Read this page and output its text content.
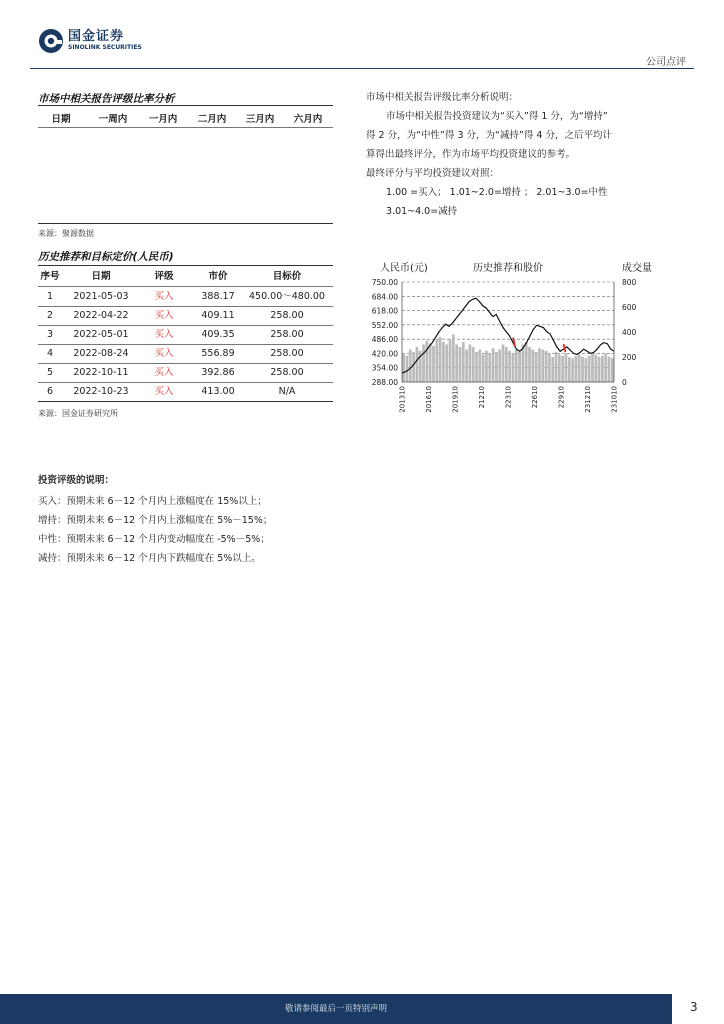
国金证券
SINOLINK SECURITIES
公司点评
市场中相关报告评级比率分析
日期	一周内	一月内	二月内	三月内	六月内
来源：聚源数据
市场中相关报告评级比率分析说明：
市场中相关报告投资建议为“买入”得 1 分，为“增持”
得 2 分，为“中性”得 3 分，为“减持”得 4 分，之后平均计
算得出最终评分，作为市场平均投资建议的参考。
最终评分与平均投资建议对照：
1.00 =买入； 1.01~2.0=增持 ； 2.01~3.0=中性
3.01~4.0=减持
历史推荐和目标定价(人民币)
序号	日期	评级	市价	目标价
1	2021-05-03	买入	388.17	450.00～480.00
2	2022-04-22	买入	409.11	258.00
3	2022-05-01	买入	409.35	258.00
4	2022-08-24	买入	556.89	258.00
5	2022-10-11	买入	392.86	258.00
6	2022-10-23	买入	413.00	N/A
来源：国金证券研究所
人民币(元)	历史推荐和股价	成交量
750.00
684.00
618.00
552.00
486.00
420.00
354.00
288.00
800
600
400
200
0
201310	201610	201910	21210	22310	22610	22910	231210	231010
投资评级的说明：
买入：预期未来 6－12 个月内上涨幅度在 15%以上；
增持：预期未来 6－12 个月内上涨幅度在 5%－15%；
中性：预期未来 6－12 个月内变动幅度在 -5%－5%；
减持：预期未来 6－12 个月内下跌幅度在 5%以上。
敬请参阅最后一页特别声明	3
